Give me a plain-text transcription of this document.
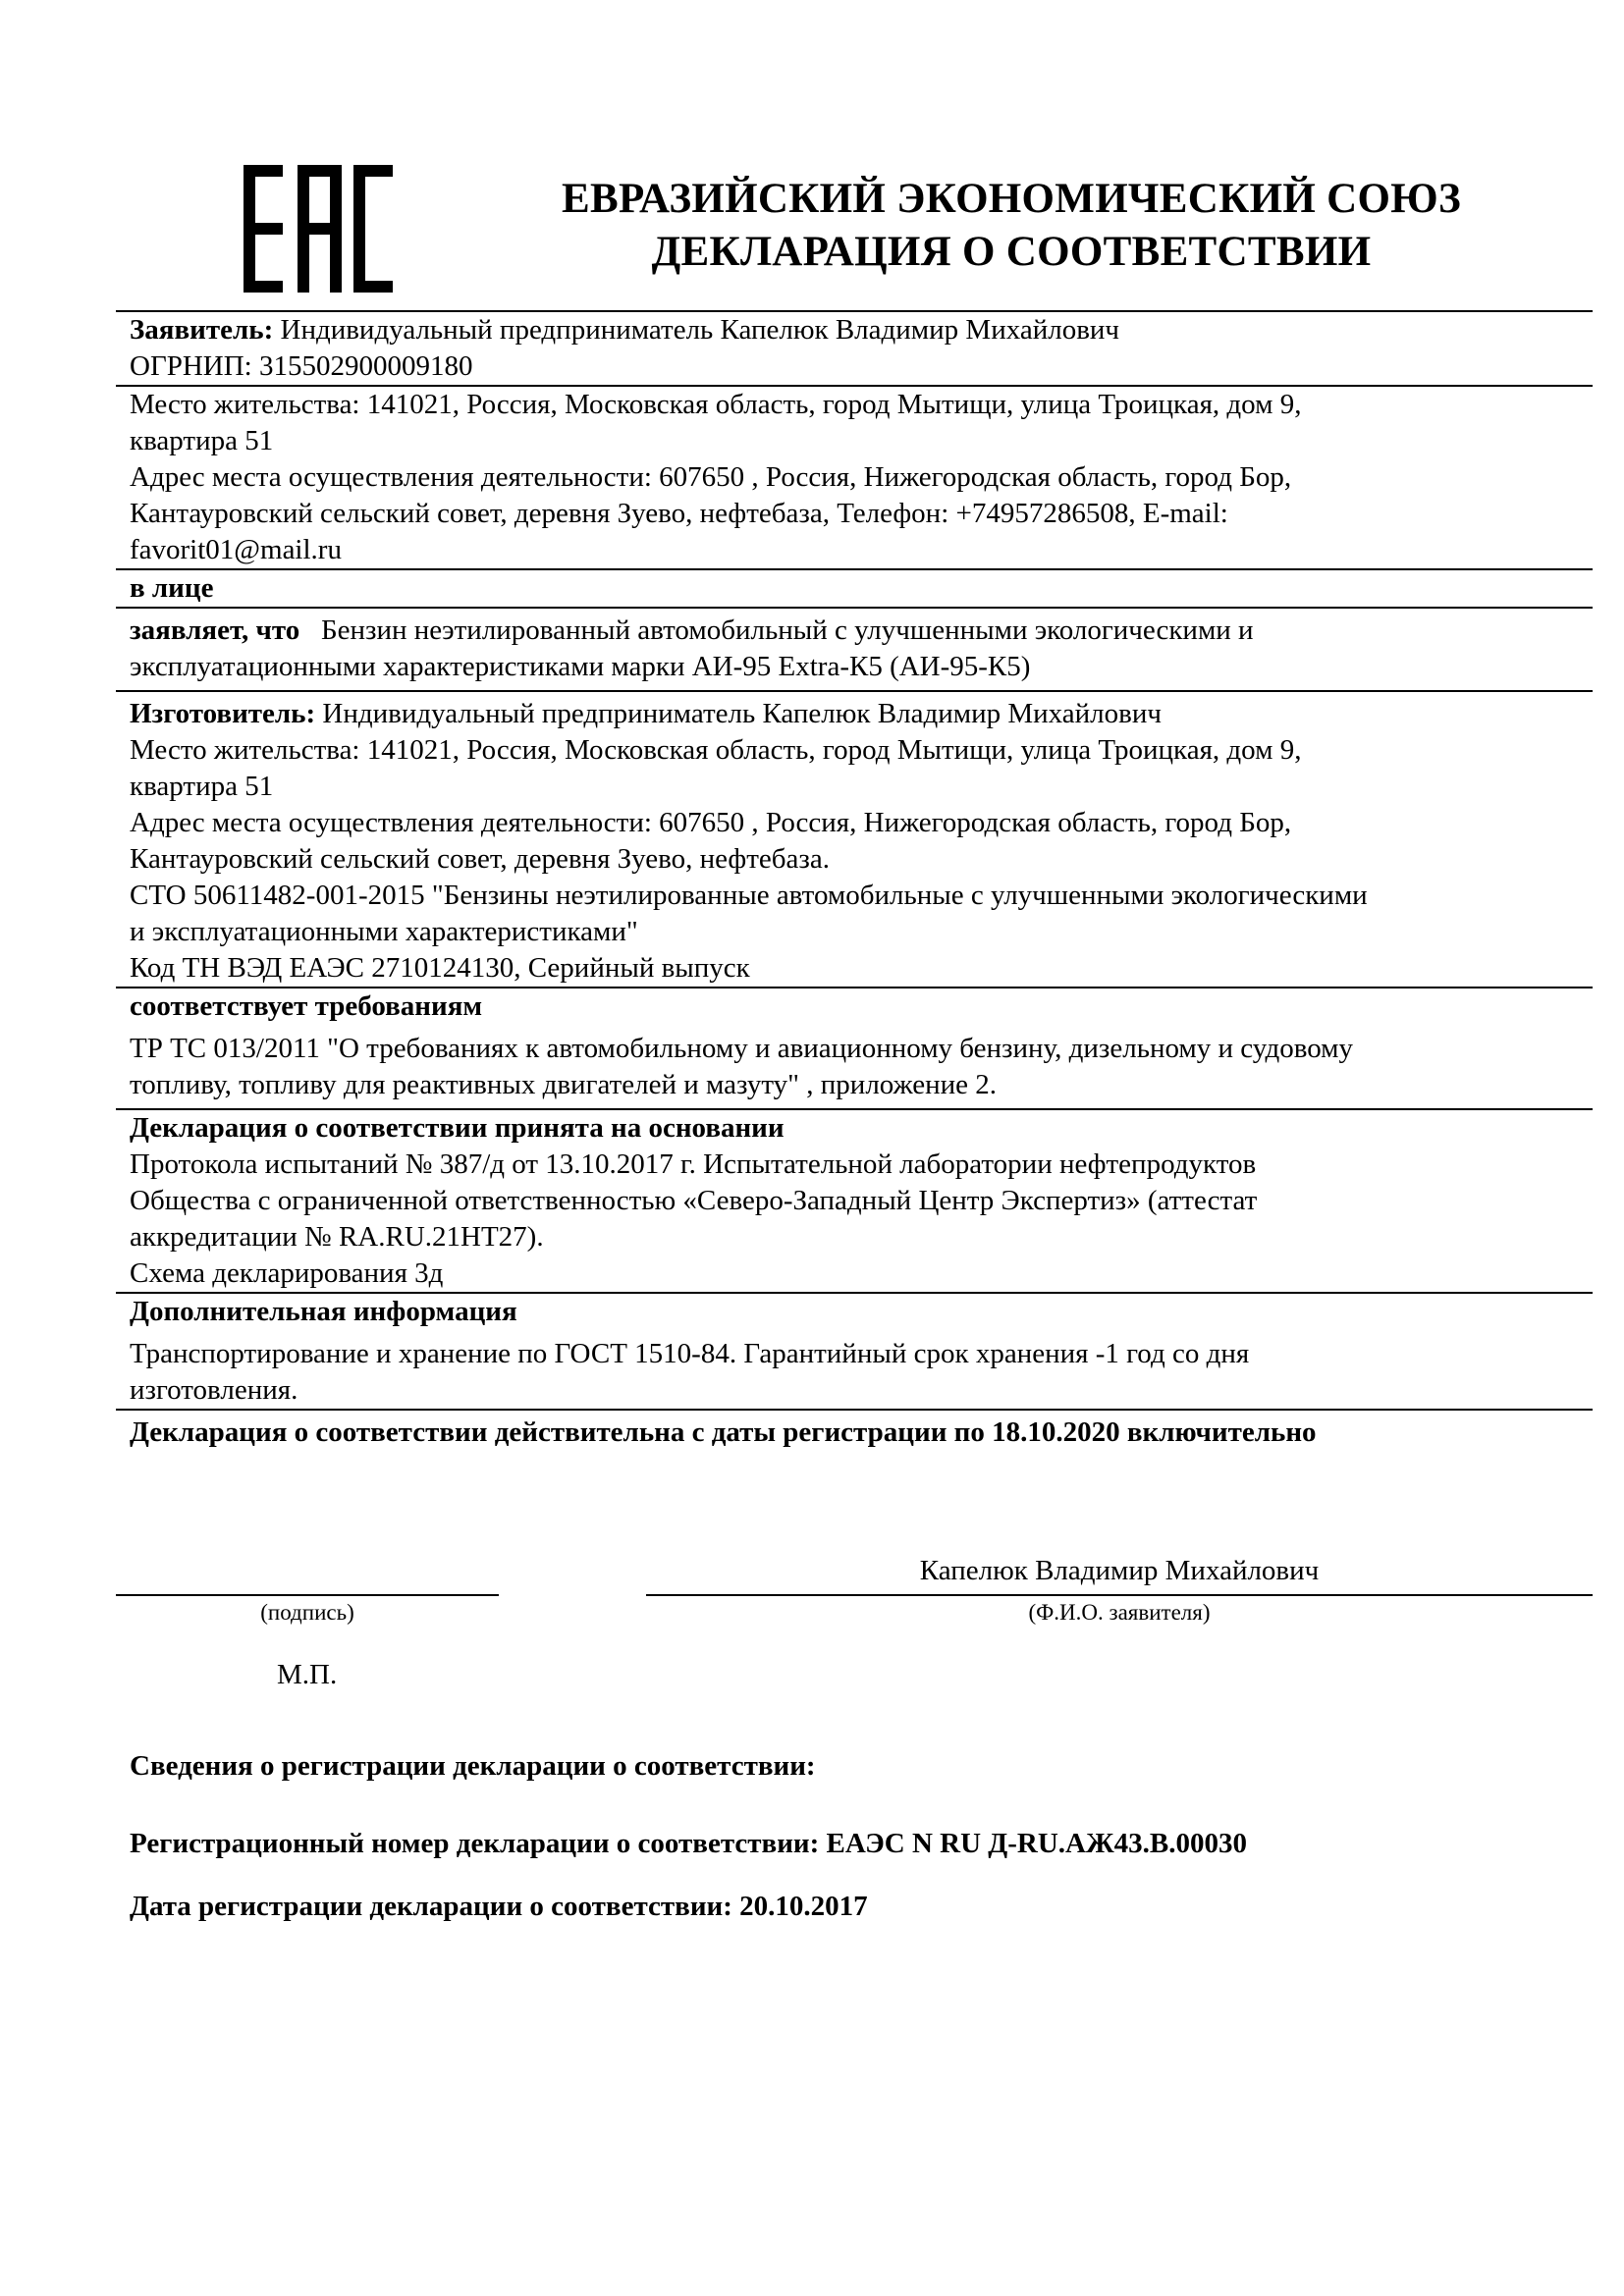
ЕВРАЗИЙСКИЙ ЭКОНОМИЧЕСКИЙ СОЮЗ
ДЕКЛАРАЦИЯ О СООТВЕТСТВИИ
Заявитель: Индивидуальный предприниматель Капелюк Владимир Михайлович
ОГРНИП: 315502900009180
Место жительства: 141021, Россия, Московская область, город Мытищи, улица Троицкая, дом 9,
квартира 51
Адрес места осуществления деятельности: 607650 , Россия, Нижегородская область, город Бор,
Кантауровский сельский совет, деревня Зуево, нефтебаза, Телефон: +74957286508, E-mail:
favorit01@mail.ru
в лице
заявляет, что Бензин неэтилированный автомобильный с улучшенными экологическими и
эксплуатационными характеристиками марки АИ-95 Extra-К5 (АИ-95-К5)
Изготовитель: Индивидуальный предприниматель Капелюк Владимир Михайлович
Место жительства: 141021, Россия, Московская область, город Мытищи, улица Троицкая, дом 9,
квартира 51
Адрес места осуществления деятельности: 607650 , Россия, Нижегородская область, город Бор,
Кантауровский сельский совет, деревня Зуево, нефтебаза.
СТО 50611482-001-2015 "Бензины неэтилированные автомобильные с улучшенными экологическими
и эксплуатационными характеристиками"
Код ТН ВЭД ЕАЭС 2710124130, Серийный выпуск
соответствует требованиям
ТР ТС 013/2011 "О требованиях к автомобильному и авиационному бензину, дизельному и судовому
топливу, топливу для реактивных двигателей и мазуту" , приложение 2.
Декларация о соответствии принята на основании
Протокола испытаний № 387/д от 13.10.2017 г. Испытательной лаборатории нефтепродуктов
Общества с ограниченной ответственностью «Северо-Западный Центр Экспертиз» (аттестат
аккредитации № RA.RU.21НТ27).
Схема декларирования 3д
Дополнительная информация
Транспортирование и хранение по ГОСТ 1510-84. Гарантийный срок хранения -1 год со дня
изготовления.
Декларация о соответствии действительна с даты регистрации по 18.10.2020 включительно
Капелюк Владимир Михайлович
(подпись)	(Ф.И.О. заявителя)
М.П.
Сведения о регистрации декларации о соответствии:
Регистрационный номер декларации о соответствии: ЕАЭС N RU Д-RU.АЖ43.В.00030
Дата регистрации декларации о соответствии: 20.10.2017
